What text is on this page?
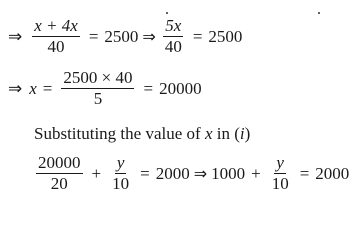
⇒ $\frac{x + 4x}{40} = 2500$ ⇒ $\frac{5x}{40} = 2500$
⇒ $x = \frac{2500 \times 40}{5} = 20000$
Substituting the value of x in ( i )
$\frac{20000}{20} + \frac{y}{10} = 2000$ ⇒ $1000 + \frac{y}{10} = 2000$
